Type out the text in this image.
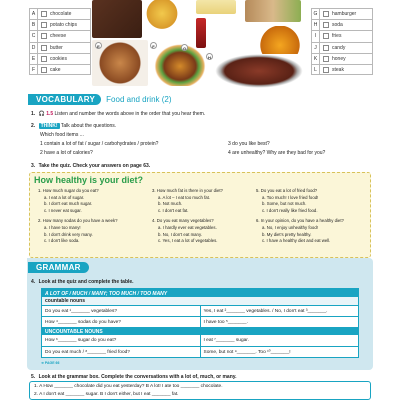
E	F	G
H
A	chocolate
B	potato chips
C	cheese
D	butter
E	cookies
F	cake
G	hamburger
H	soda
I	fries
J	candy
K	honey
L	steak
VOCABULARY	Food and drink (2)
1. 🎧 1.5 Listen and number the words above in the order that you hear them.
2. THINK! Talk about the questions.
Which food items ...
1 contain a lot of fat / sugar / carbohydrates / protein?
2 have a lot of calories?
3 do you like best?
4 are unhealthy? Why are they bad for you?
3. Take the quiz. Check your answers on page 63.
How healthy is your diet?
1. How much sugar do you eat?
a. I eat a lot of sugar.
b. I don't eat much sugar.
c. I never eat sugar.
2. How many sodas do you have a week?
a. I have too many!
b. I don't drink very many.
c. I don't like soda.
3. How much fat is there in your diet?
a. A lot – I eat too much fat.
b. Not much.
c. I don't eat fat.
4. Do you eat many vegetables?
a. I hardly ever eat vegetables.
b. No, I don't eat many.
c. Yes, I eat a lot of vegetables.
5. Do you eat a lot of fried food?
a. Too much! I love fried food!
b. Some, but not much.
c. I don't really like fried food.
6. In your opinion, do you have a healthy diet?
a. No, I enjoy unhealthy food!
b. My diet's pretty healthy.
c. I have a healthy diet and eat well.
GRAMMAR
4. Look at the quiz and complete the table.
A LOT OF / MUCH / MANY; TOO MUCH / TOO MANY
countable nouns
Do you eat ¹_______ vegetables?	Yes, I eat ²_______ vegetables. / No, I don't eat ³_______.
How ⁴_______ sodas do you have?	I have too ⁵_______.
UNCOUNTABLE NOUNS
How ⁶_______ sugar do you eat?	I eat ⁷_______ sugar.
Do you eat much / ⁸_______ fried food?	Some, but not ⁹_______. Too ¹⁰_______!
➜ PAGE 66
5. Look at the grammar box. Complete the conversations with a lot of, much, or many.
1. A How _______ chocolate did you eat yesterday? B A lot! I ate too _______ chocolate.
2. A I don't eat _______ sugar. B I don't either, but I eat _______ fat.
